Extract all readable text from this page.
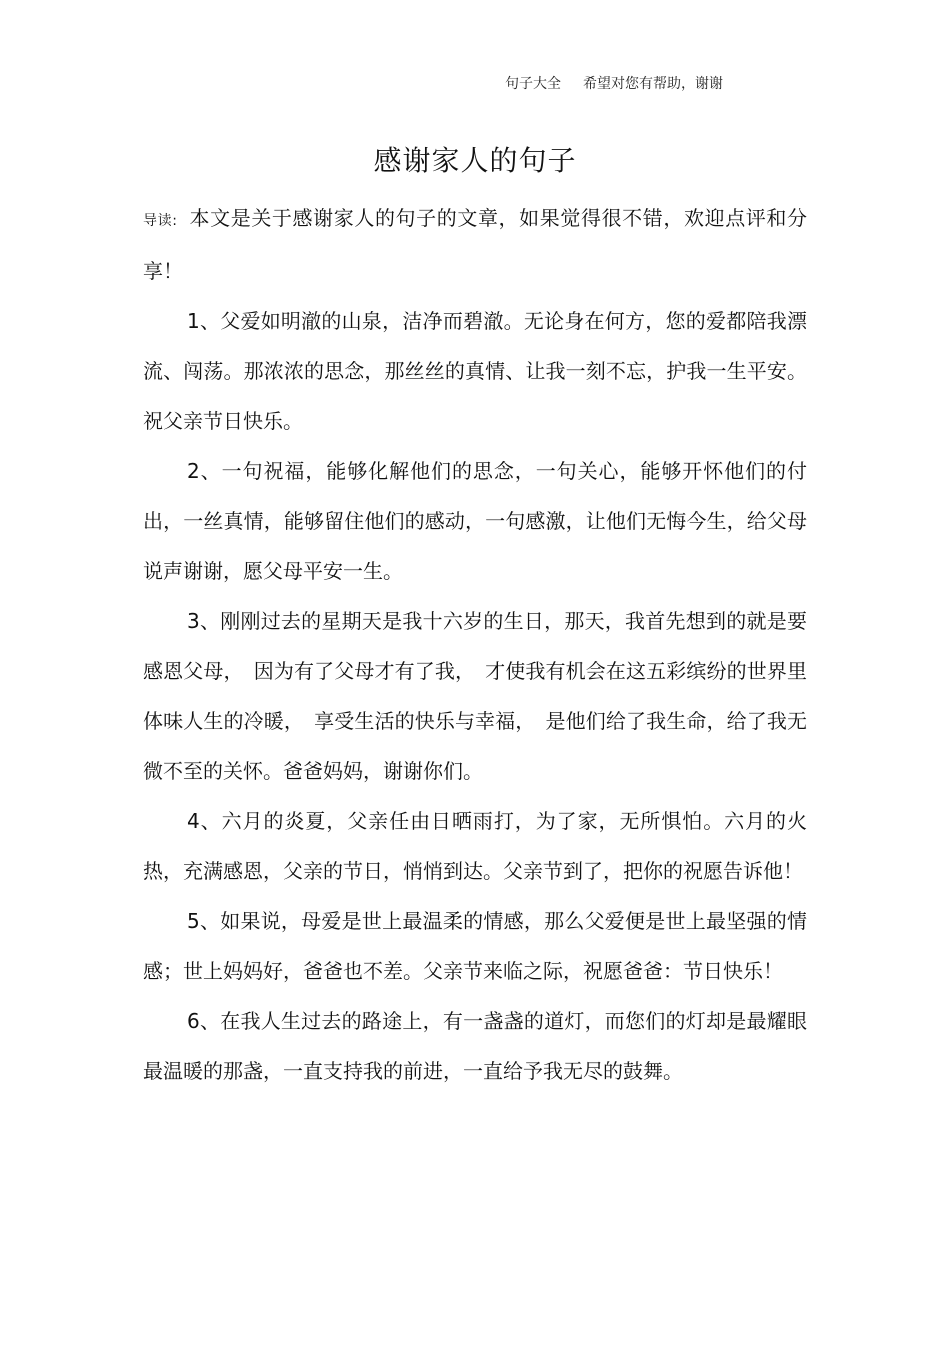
句子大全 希望对您有帮助，谢谢
感谢家人的句子

导读: 本文是关于感谢家人的句子的文章，如果觉得很不错，欢迎点评和分享！

1、父爱如明澈的山泉，洁净而碧澈。无论身在何方，您的爱都陪我漂流、闯荡。那浓浓的思念，那丝丝的真情、让我一刻不忘，护我一生平安。祝父亲节日快乐。

2、一句祝福，能够化解他们的思念，一句关心，能够开怀他们的付出，一丝真情，能够留住他们的感动，一句感激，让他们无悔今生，给父母说声谢谢，愿父母平安一生。

3、刚刚过去的星期天是我十六岁的生日，那天，我首先想到的就是要感恩父母，　因为有了父母才有了我，　才使我有机会在这五彩缤纷的世界里体味人生的冷暖，　享受生活的快乐与幸福，　是他们给了我生命，给了我无微不至的关怀。爸爸妈妈，谢谢你们。

4、六月的炎夏，父亲任由日晒雨打，为了家，无所惧怕。六月的火热，充满感恩，父亲的节日，悄悄到达。父亲节到了，把你的祝愿告诉他！

5、如果说，母爱是世上最温柔的情感，那么父爱便是世上最坚强的情感；世上妈妈好，爸爸也不差。父亲节来临之际，祝愿爸爸：节日快乐！

6、在我人生过去的路途上，有一盏盏的道灯，而您们的灯却是最耀眼最温暖的那盏，一直支持我的前进，一直给予我无尽的鼓舞。
